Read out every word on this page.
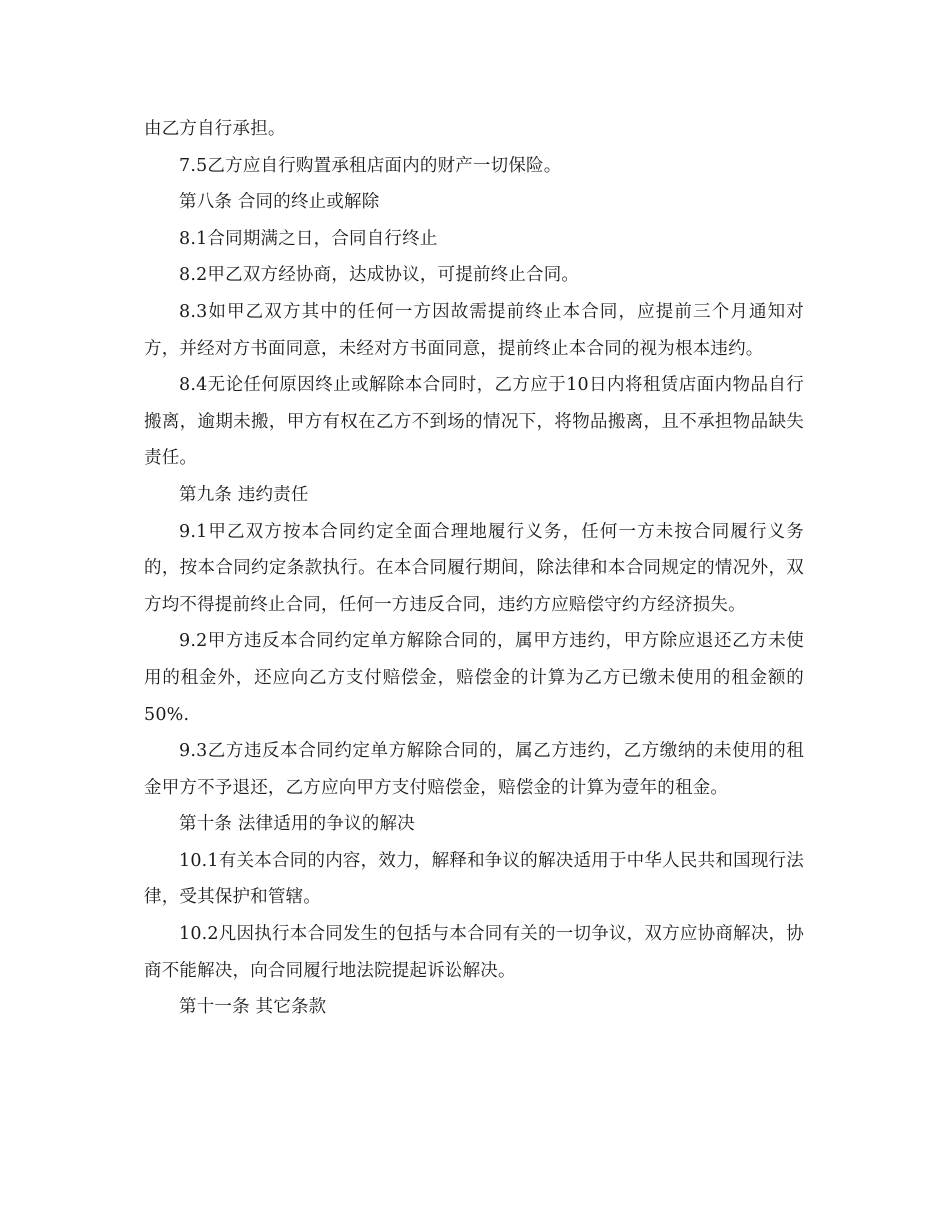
由乙方自行承担。

7.5乙方应自行购置承租店面内的财产一切保险。

第八条 合同的终止或解除

8.1合同期满之日，合同自行终止

8.2甲乙双方经协商，达成协议，可提前终止合同。

8.3如甲乙双方其中的任何一方因故需提前终止本合同，应提前三个月通知对方，并经对方书面同意，未经对方书面同意，提前终止本合同的视为根本违约。

8.4无论任何原因终止或解除本合同时，乙方应于10日内将租赁店面内物品自行搬离，逾期未搬，甲方有权在乙方不到场的情况下，将物品搬离，且不承担物品缺失责任。

第九条 违约责任

9.1甲乙双方按本合同约定全面合理地履行义务，任何一方未按合同履行义务的，按本合同约定条款执行。在本合同履行期间，除法律和本合同规定的情况外，双方均不得提前终止合同，任何一方违反合同，违约方应赔偿守约方经济损失。

9.2甲方违反本合同约定单方解除合同的，属甲方违约，甲方除应退还乙方未使用的租金外，还应向乙方支付赔偿金，赔偿金的计算为乙方已缴未使用的租金额的50%.

9.3乙方违反本合同约定单方解除合同的，属乙方违约，乙方缴纳的未使用的租金甲方不予退还，乙方应向甲方支付赔偿金，赔偿金的计算为壹年的租金。

第十条 法律适用的争议的解决

10.1有关本合同的内容，效力，解释和争议的解决适用于中华人民共和国现行法律，受其保护和管辖。

10.2凡因执行本合同发生的包括与本合同有关的一切争议，双方应协商解决，协商不能解决，向合同履行地法院提起诉讼解决。

第十一条 其它条款
